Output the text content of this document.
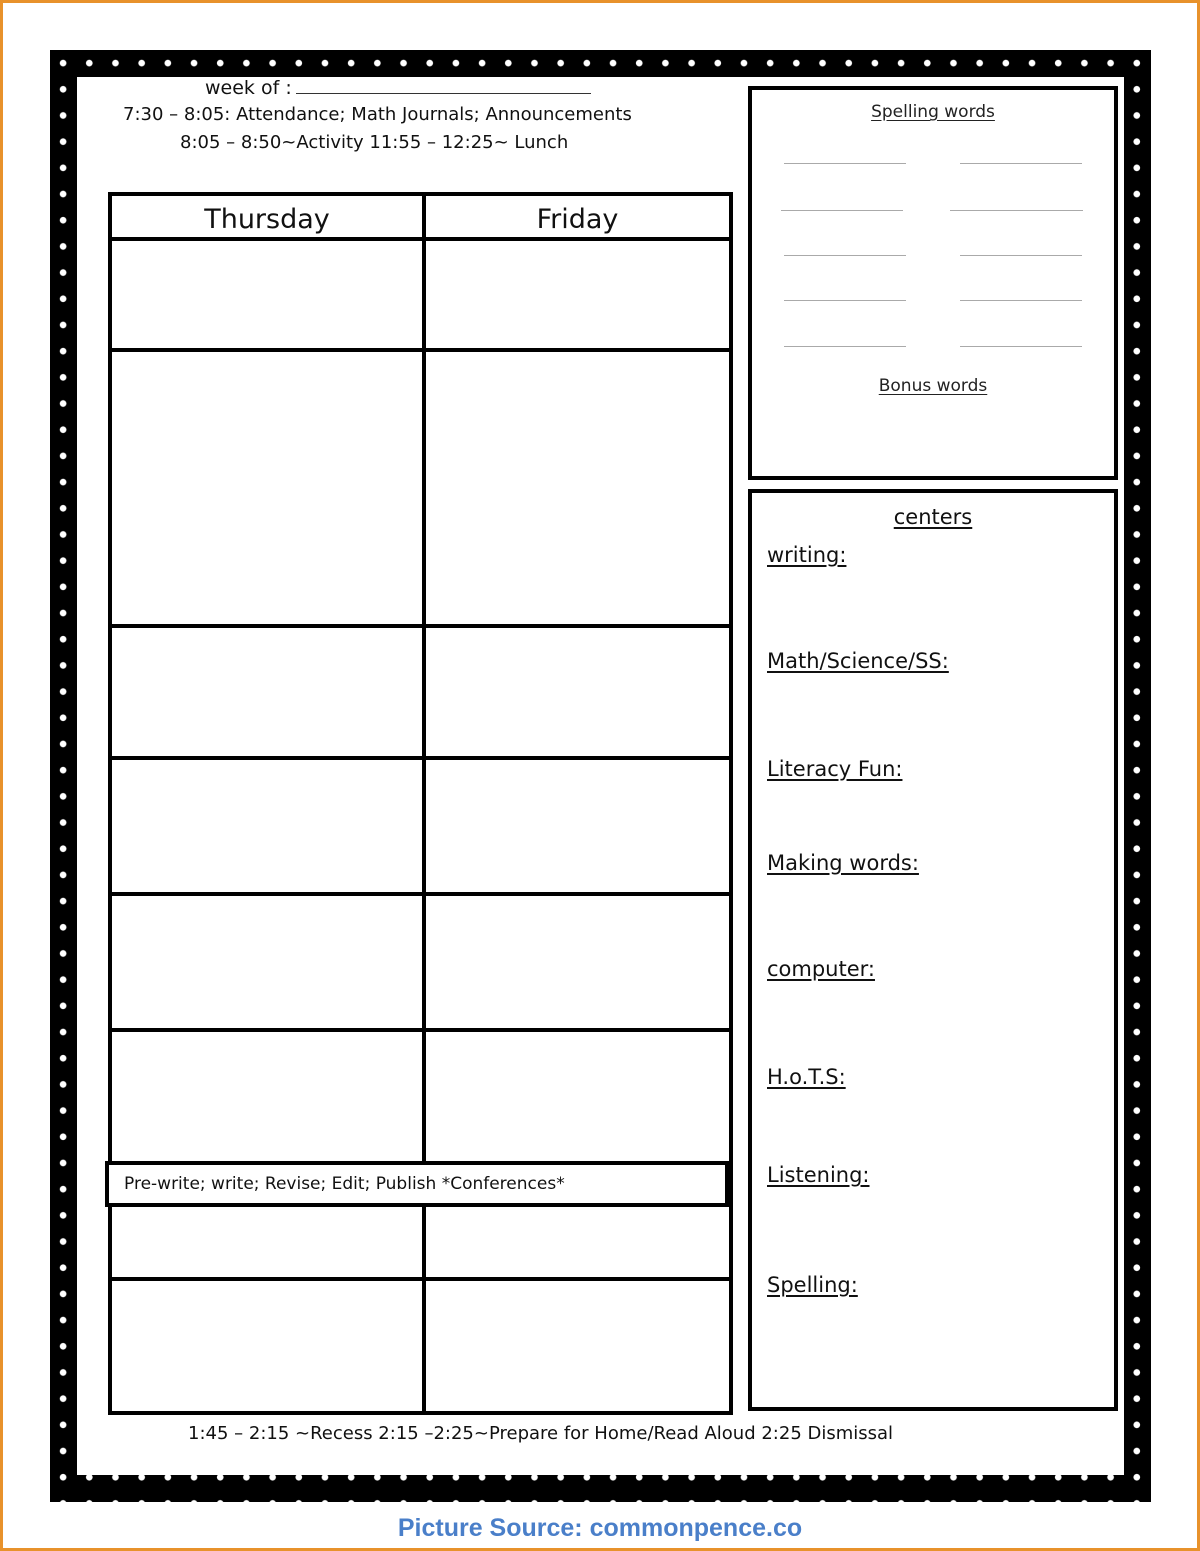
week of :
7:30 – 8:05: Attendance; Math Journals; Announcements
8:05 – 8:50~Activity 11:55 – 12:25~ Lunch
Thursday	Friday
Pre-write; write; Revise; Edit; Publish *Conferences*
Spelling words
Bonus words
centers
writing:
Math/Science/SS:
Literacy Fun:
Making words:
computer:
H.o.T.S:
Listening:
Spelling:
1:45 – 2:15 ~Recess 2:15 –2:25~Prepare for Home/Read Aloud 2:25 Dismissal
Picture Source: commonpence.co
